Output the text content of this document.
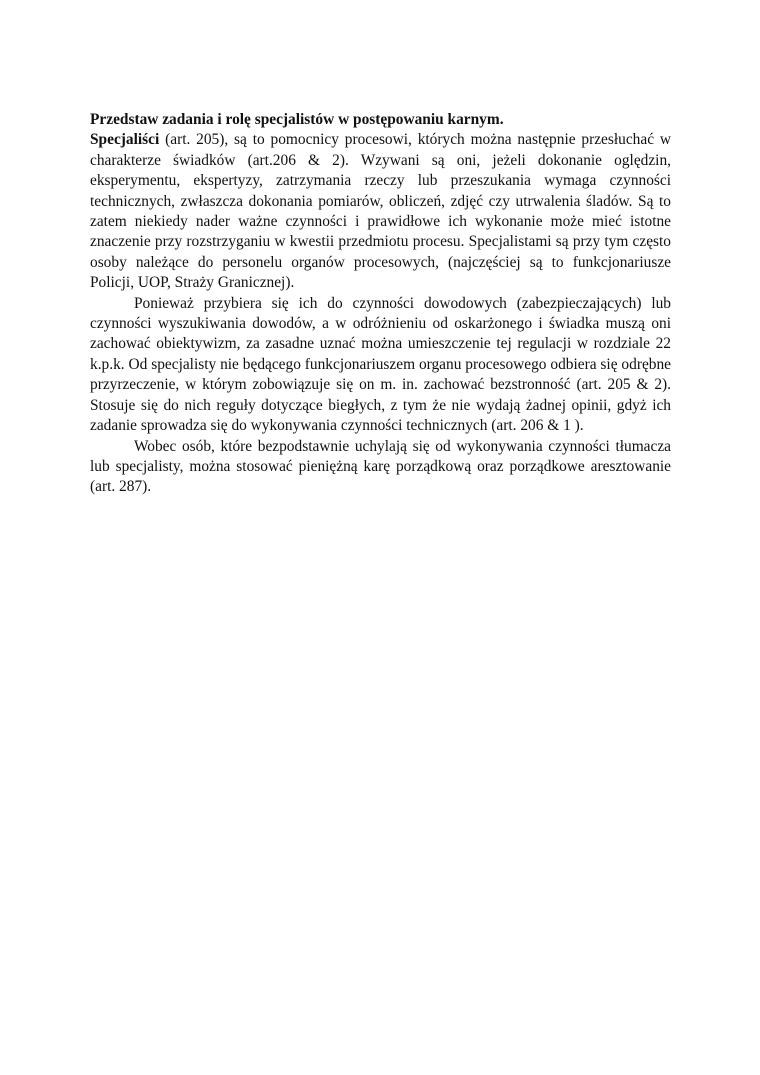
Przedstaw zadania i rolę specjalistów w postępowaniu karnym.

Specjaliści (art. 205), są to pomocnicy procesowi, których można następnie przesłuchać w charakterze świadków (art.206 & 2). Wzywani są oni, jeżeli dokonanie oględzin, eksperymentu, ekspertyzy, zatrzymania rzeczy lub przeszukania wymaga czynności technicznych, zwłaszcza dokonania pomiarów, obliczeń, zdjęć czy utrwalenia śladów. Są to zatem niekiedy nader ważne czynności i prawidłowe ich wykonanie może mieć istotne znaczenie przy rozstrzyganiu w kwestii przedmiotu procesu. Specjalistami są przy tym często osoby należące do personelu organów procesowych, (najczęściej są to funkcjonariusze Policji, UOP, Straży Granicznej).

Ponieważ przybiera się ich do czynności dowodowych (zabezpieczających) lub czynności wyszukiwania dowodów, a w odróżnieniu od oskarżonego i świadka muszą oni zachować obiektywizm, za zasadne uznać można umieszczenie tej regulacji w rozdziale 22 k.p.k. Od specjalisty nie będącego funkcjonariuszem organu procesowego odbiera się odrębne przyrzeczenie, w którym zobowiązuje się on m. in. zachować bezstronność (art. 205 & 2). Stosuje się do nich reguły dotyczące biegłych, z tym że nie wydają żadnej opinii, gdyż ich zadanie sprowadza się do wykonywania czynności technicznych (art. 206 & 1 ).

Wobec osób, które bezpodstawnie uchylają się od wykonywania czynności tłumacza lub specjalisty, można stosować pieniężną karę porządkową oraz porządkowe aresztowanie (art. 287).
